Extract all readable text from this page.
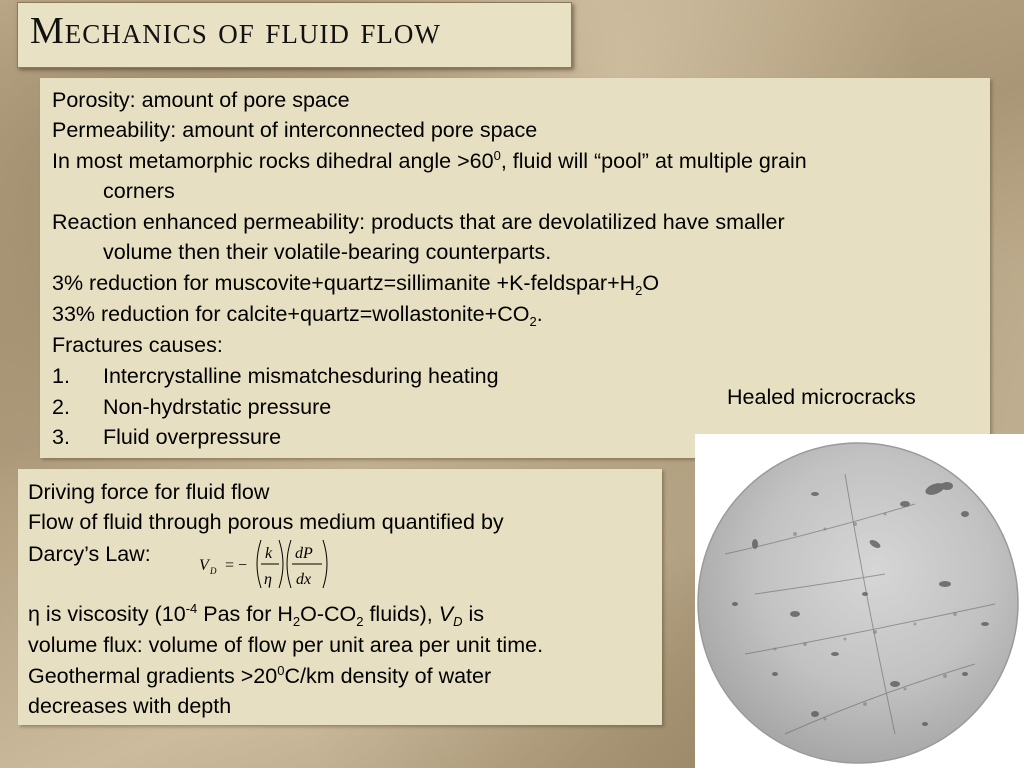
Mechanics of fluid flow
Porosity: amount of pore space
Permeability: amount of interconnected pore space
In most metamorphic rocks dihedral angle $>60^0$, fluid will “pool” at multiple grain
corners
Reaction enhanced permeability: products that are devolatilized have smaller
volume then their volatile-bearing counterparts.
3% reduction for muscovite+quartz=sillimanite $+K-feldspar+H_2O$
33% reduction for $calcite+quartz=wollastonite+CO_2$.
Fractures causes:
1. Intercrystalline mismatchesduring heating
2. Non-hydrstatic pressure
3. Fluid overpressure
Healed microcracks
Driving force for fluid flow
Flow of fluid through porous medium quantified by
Darcy’s Law:	V D = −
k
η
dP
dx
η is viscosity ($10^{-4}$ Pas for $H_2O-CO_2$ fluids), $V_D$ is
volume flux: volume of flow per unit area per unit time.
Geothermal gradients $>20^0C/km$ density of water
decreases with depth
